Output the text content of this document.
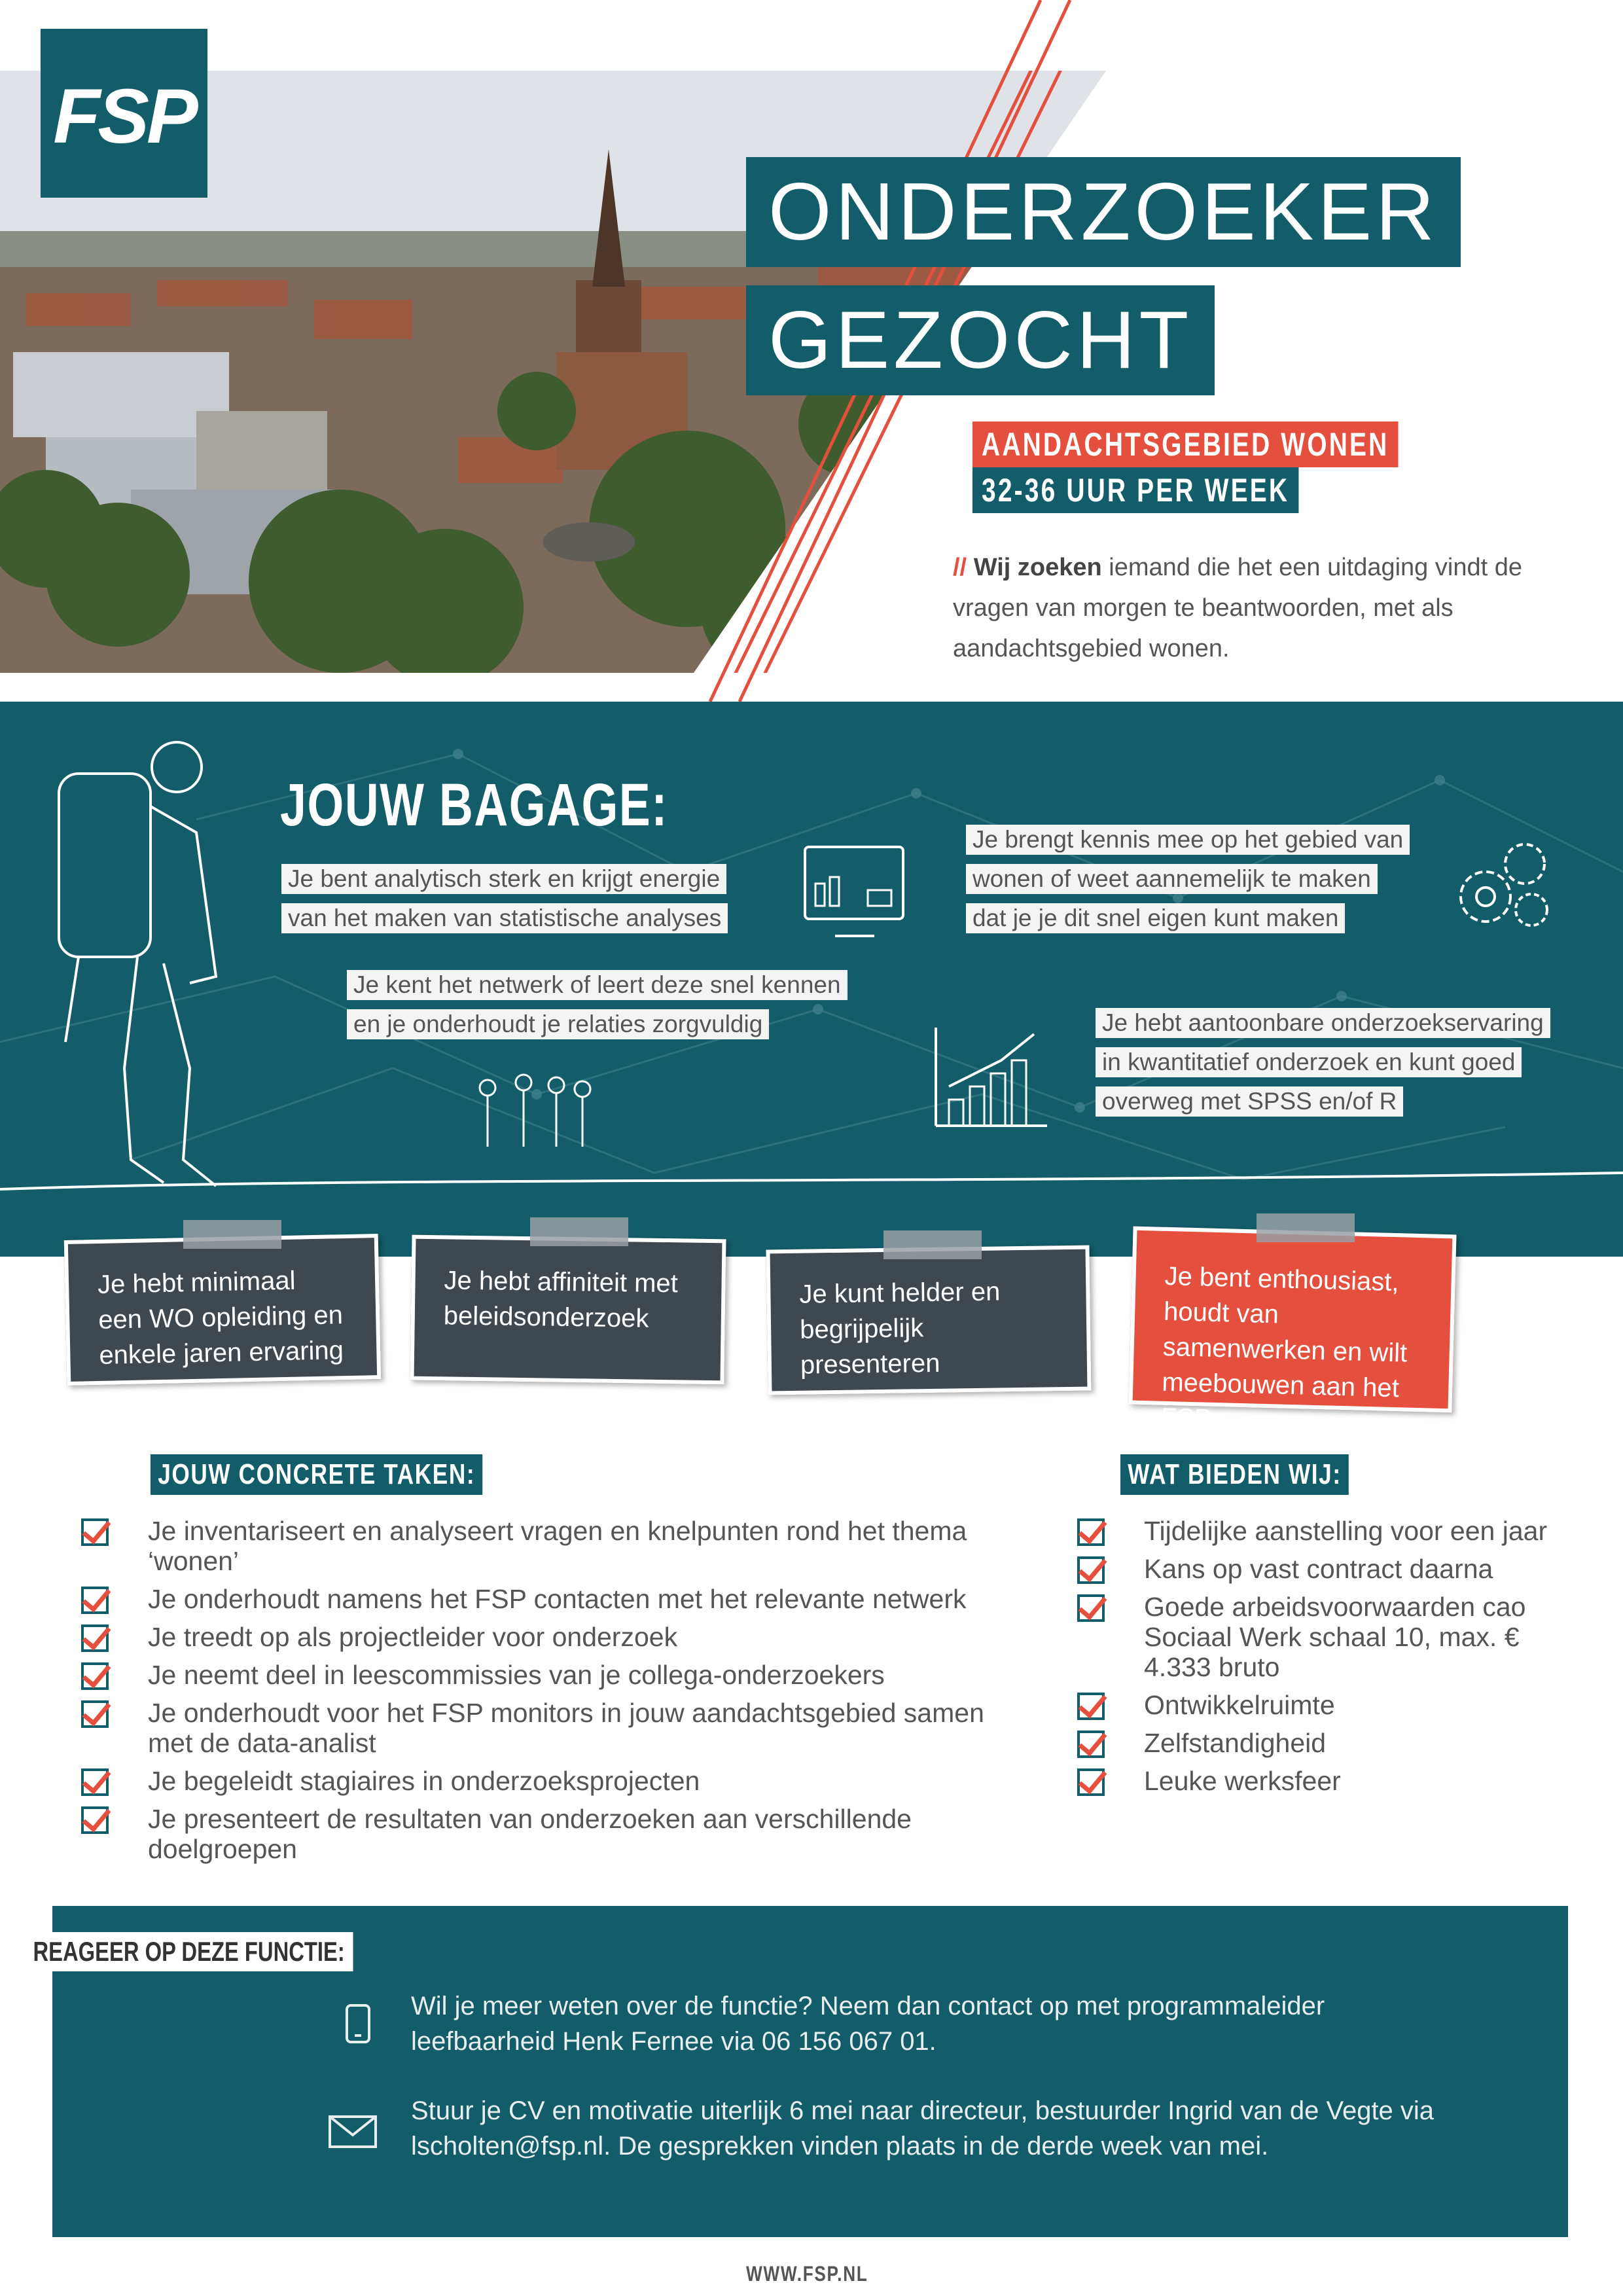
FSP
ONDERZOEKER
GEZOCHT
AANDACHTSGEBIED WONEN
32-36 UUR PER WEEK
// Wij zoeken iemand die het een uitdaging vindt de vragen van morgen te beantwoorden, met als aandachtsgebied wonen.
JOUW BAGAGE:
Je bent analytisch sterk en krijgt energie
van het maken van statistische analyses
Je brengt kennis mee op het gebied van
wonen of weet aannemelijk te maken
dat je je dit snel eigen kunt maken
Je kent het netwerk of leert deze snel kennen
en je onderhoudt je relaties zorgvuldig	Je hebt aantoonbare onderzoekservaring
in kwantitatief onderzoek en kunt goed
overweg met SPSS en/of R
Je hebt minimaal een WO opleiding en enkele jaren ervaring
Je hebt affiniteit met beleidsonderzoek
Je kunt helder en begrijpelijk presenteren
Je bent enthousiast, houdt van samenwerken en wilt meebouwen aan het FSP
JOUW CONCRETE TAKEN:
Je inventariseert en analyseert vragen en knelpunten rond het thema ‘wonen’
Je onderhoudt namens het FSP contacten met het relevante netwerk
Je treedt op als projectleider voor onderzoek
Je neemt deel in leescommissies van je collega-onderzoekers
Je onderhoudt voor het FSP monitors in jouw aandachtsgebied samen met de data-analist
Je begeleidt stagiaires in onderzoeksprojecten
Je presenteert de resultaten van onderzoeken aan verschillende doelgroepen
WAT BIEDEN WIJ:
Tijdelijke aanstelling voor een jaar
Kans op vast contract daarna
Goede arbeidsvoorwaarden cao Sociaal Werk schaal 10, max. € 4.333 bruto
Ontwikkelruimte
Zelfstandigheid
Leuke werksfeer
REAGEER OP DEZE FUNCTIE:
Wil je meer weten over de functie? Neem dan contact op met programmaleider leefbaarheid Henk Fernee via 06 156 067 01.
Stuur je CV en motivatie uiterlijk 6 mei naar directeur, bestuurder Ingrid van de Vegte via lscholten@fsp.nl. De gesprekken vinden plaats in de derde week van mei.
WWW.FSP.NL
